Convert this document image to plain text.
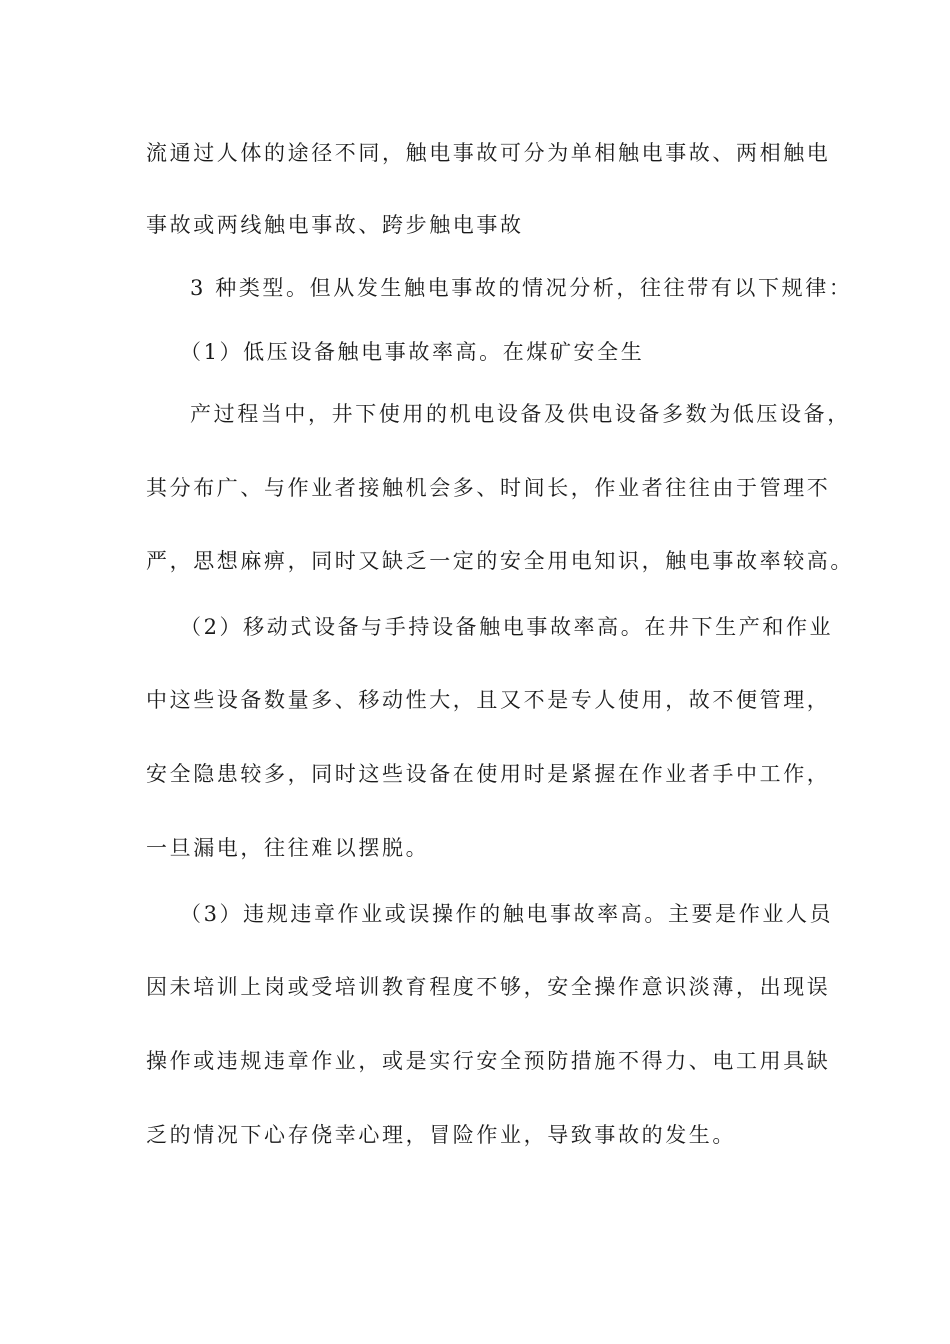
流通过人体的途径不同，触电事故可分为单相触电事故、两相触电
事故或两线触电事故、跨步触电事故
3 种类型。但从发生触电事故的情况分析，往往带有以下规律：
（1）低压设备触电事故率高。在煤矿安全生
产过程当中，井下使用的机电设备及供电设备多数为低压设备，
其分布广、与作业者接触机会多、时间长，作业者往往由于管理不
严，思想麻痹，同时又缺乏一定的安全用电知识，触电事故率较高。
（2）移动式设备与手持设备触电事故率高。在井下生产和作业
中这些设备数量多、移动性大，且又不是专人使用，故不便管理，
安全隐患较多，同时这些设备在使用时是紧握在作业者手中工作，
一旦漏电，往往难以摆脱。
（3）违规违章作业或误操作的触电事故率高。主要是作业人员
因未培训上岗或受培训教育程度不够，安全操作意识淡薄，出现误
操作或违规违章作业，或是实行安全预防措施不得力、电工用具缺
乏的情况下心存侥幸心理，冒险作业，导致事故的发生。
